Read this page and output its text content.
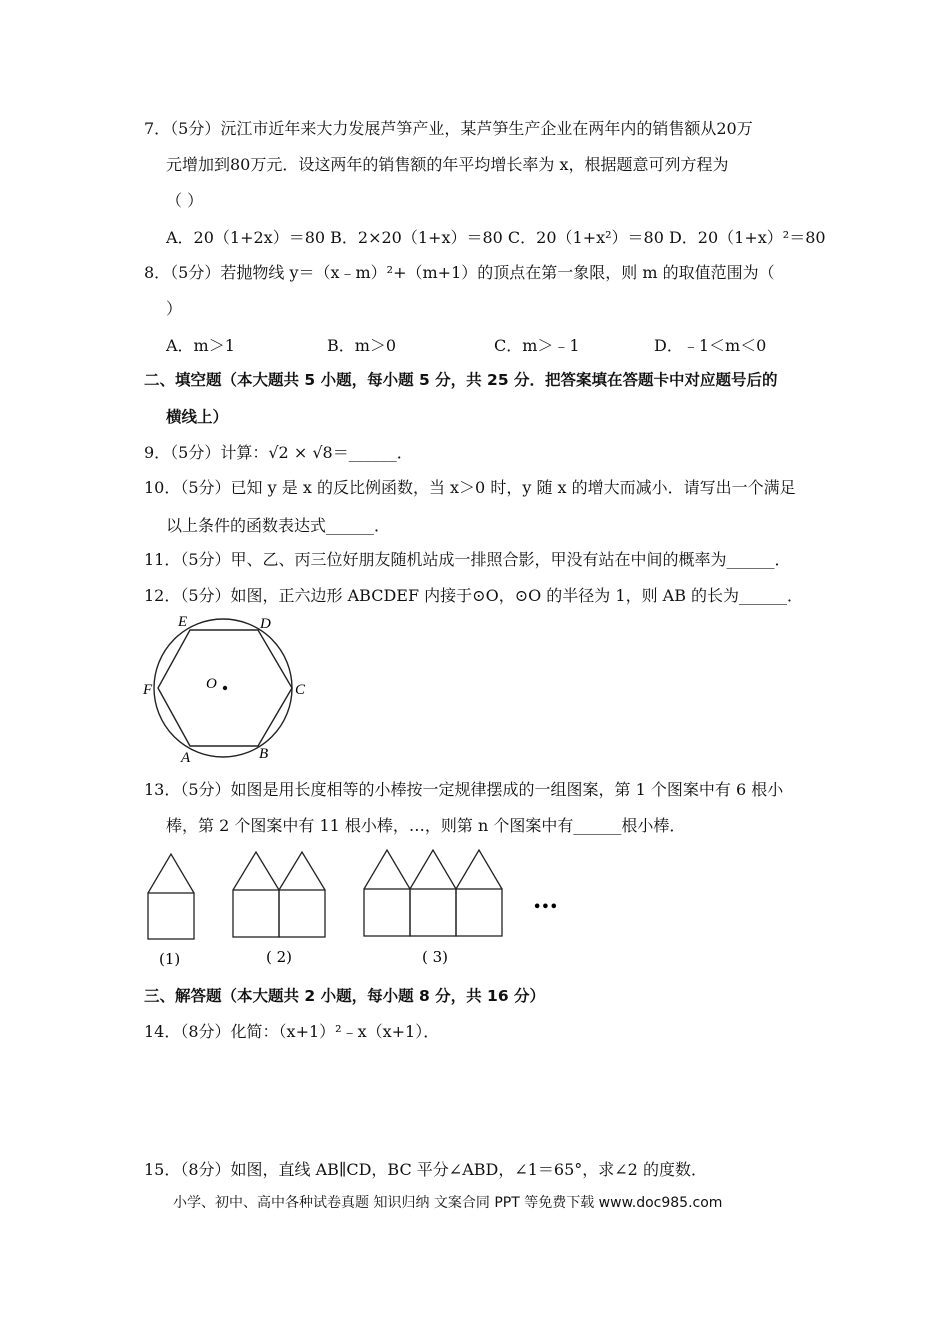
7．（5分）沅江市近年来大力发展芦笋产业，某芦笋生产企业在两年内的销售额从20万
元增加到80万元．设这两年的销售额的年平均增长率为 x，根据题意可列方程为
（ ）
A．20（1+2x）＝80 B．2×20（1+x）＝80 C．20（1+x²）＝80 D．20（1+x）²＝80
8．（5分）若抛物线 y＝（x﹣m）²+（m+1）的顶点在第一象限，则 m 的取值范围为（
）
A．m＞1	B．m＞0	C．m＞﹣1	D．﹣1＜m＜0
二、填空题（本大题共 5 小题，每小题 5 分，共 25 分．把答案填在答题卡中对应题号后的
横线上）
9．（5分）计算：√2 × √8＝______．
10．（5分）已知 y 是 x 的反比例函数，当 x＞0 时，y 随 x 的增大而减小．请写出一个满足
以上条件的函数表达式______．
11．（5分）甲、乙、丙三位好朋友随机站成一排照合影，甲没有站在中间的概率为______．
12．（5分）如图，正六边形 ABCDEF 内接于⊙O，⊙O 的半径为 1，则 AB 的长为______．
E	D
F	C
O
A	B
13．（5分）如图是用长度相等的小棒按一定规律摆成的一组图案，第 1 个图案中有 6 根小
棒，第 2 个图案中有 11 根小棒，…，则第 n 个图案中有______根小棒．
•••
(1)	( 2)	( 3)
三、解答题（本大题共 2 小题，每小题 8 分，共 16 分）
14．（8分）化简：（x+1）²﹣x（x+1）．
15．（8分）如图，直线 AB∥CD，BC 平分∠ABD，∠1＝65°，求∠2 的度数．
小学、初中、高中各种试卷真题 知识归纳 文案合同 PPT 等免费下载 www.doc985.com
